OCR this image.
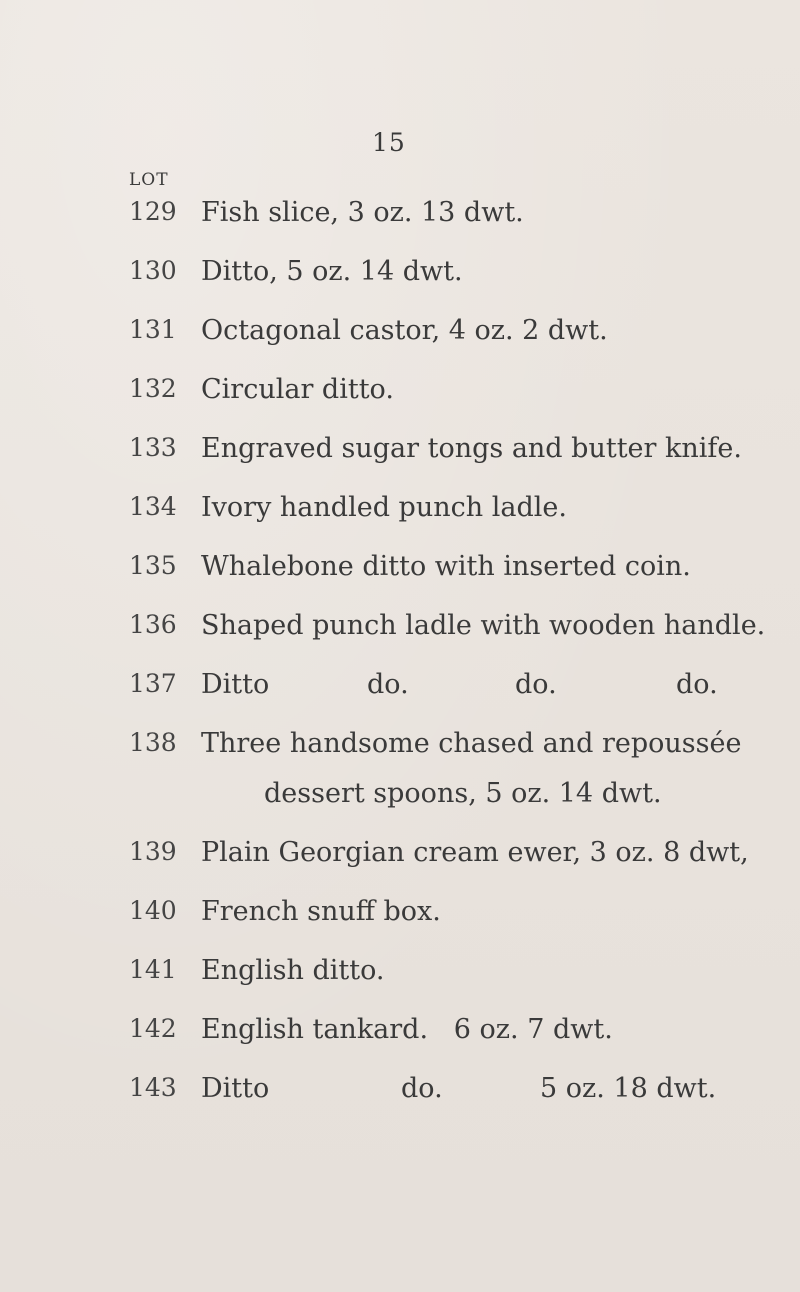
15
LOT
129 Fish slice, 3 oz. 13 dwt.
130 Ditto, 5 oz. 14 dwt.
131 Octagonal castor, 4 oz. 2 dwt.
132 Circular ditto.
133 Engraved sugar tongs and butter knife.
134 Ivory handled punch ladle.
135 Whalebone ditto with inserted coin.
136 Shaped punch ladle with wooden handle.
137 Ditto	do.	do.	do.
138 Three handsome chased and repoussée
dessert spoons, 5 oz. 14 dwt.
139 Plain Georgian cream ewer, 3 oz. 8 dwt,
140 French snuff box.
141 English ditto.
142 English tankard.   6 oz. 7 dwt.
143 Ditto	do.	5 oz. 18 dwt.
